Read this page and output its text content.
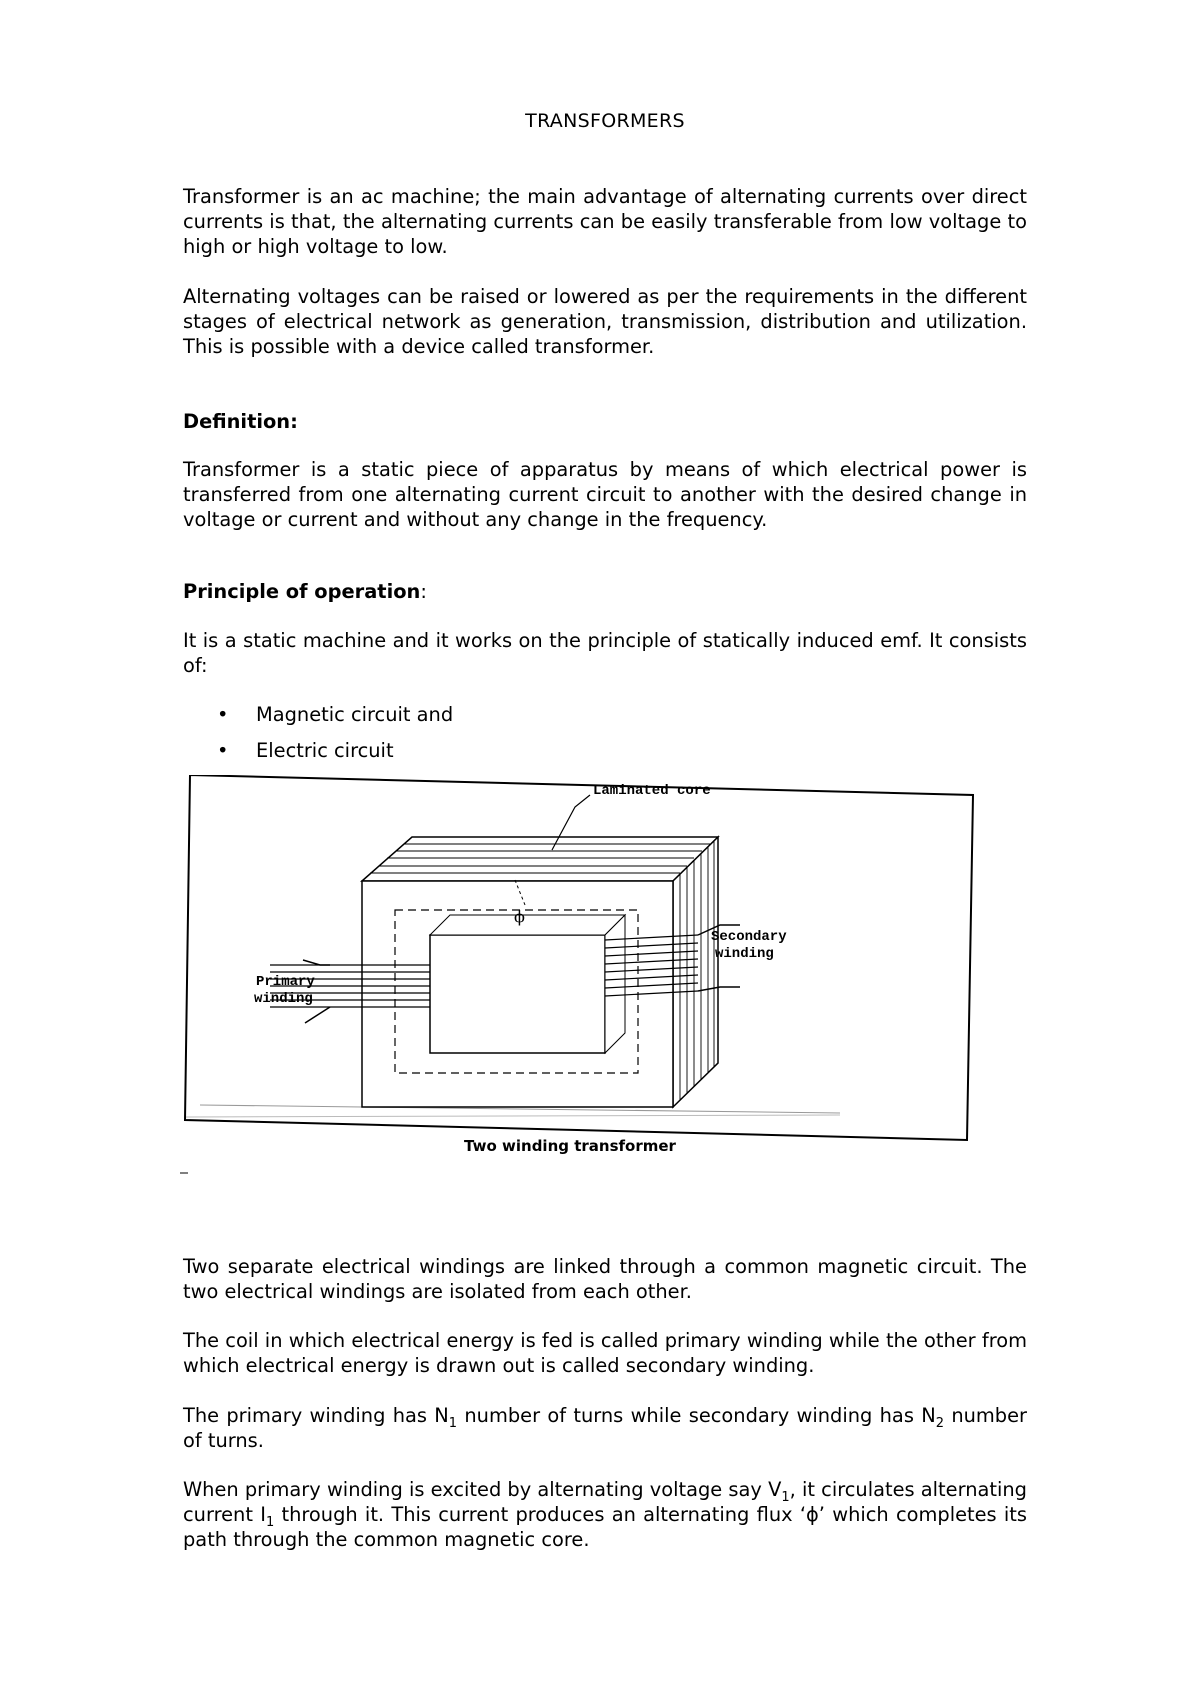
TRANSFORMERS

Transformer is an ac machine; the main advantage of alternating currents over direct currents is that, the alternating currents can be easily transferable from low voltage to high or high voltage to low.

Alternating voltages can be raised or lowered as per the requirements in the different stages of electrical network as generation, transmission, distribution and utilization. This is possible with a device called transformer.

Definition:

Transformer is a static piece of apparatus by means of which electrical power is transferred from one alternating current circuit to another with the desired change in voltage or current and without any change in the frequency.

Principle of operation:

It is a static machine and it works on the principle of statically induced emf. It consists of:

• Magnetic circuit and
• Electric circuit

Two separate electrical windings are linked through a common magnetic circuit. The two electrical windings are isolated from each other.

The coil in which electrical energy is fed is called primary winding while the other from which electrical energy is drawn out is called secondary winding.

The primary winding has $N_1$ number of turns while secondary winding has $N_2$ number of turns.

When primary winding is excited by alternating voltage say $V_1$, it circulates alternating current $I_1$ through it. This current produces an alternating flux ‘ϕ’ which completes its path through the common magnetic core.

Laminated core
ϕ
Secondary
winding
Primary
winding
Two winding transformer
